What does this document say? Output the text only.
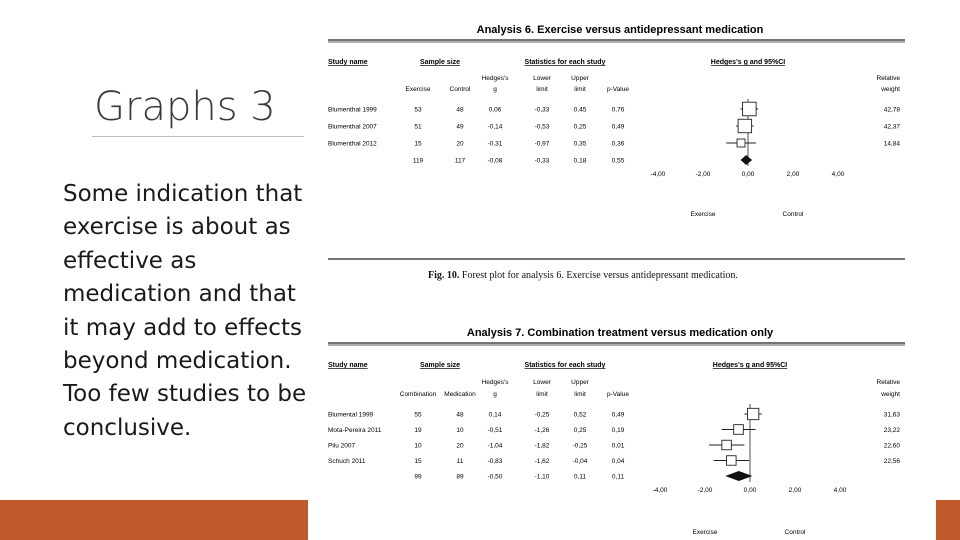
Graphs 3
Some indication that exercise is about as effective as medication and that it may add to effects beyond medication. Too few studies to be conclusive.
Analysis 6. Exercise versus antidepressant medication
Study name	Sample size	Statistics for each study	Hedges's g and 95%CI
Exercise	Control
Hedges's
g
Lower
limit
Upper
limit	p-Value
Relative
weight
Blumenthal 1999	53	48	0,06	-0,33	0,45	0,76	42,78
Blumenthal 2007	51	49	-0,14	-0,53	0,25	0,49	42,37
Blumenthal 2012	15	20	-0,31	-0,97	0,35	0,36	14,84
119	117	-0,08	-0,33	0,18	0,55
-4,00	-2,00	0,00	2,00	4,00
Exercise	Control
Fig. 10. Forest plot for analysis 6. Exercise versus antidepressant medication.
Analysis 7. Combination treatment versus medication only
Study name	Sample size	Statistics for each study	Hedges's g and 95%CI
Combination Medication
Hedges's
g
Lower
limit
Upper
limit	p-Value
Relative
weight
Blumental 1999	55	48	0,14	-0,25	0,52	0,49	31,63
Mota-Pereira 2011	19	10	-0,51	-1,26	0,25	0,19	23,22
Pilu 2007	10	20	-1,04	-1,82	-0,25	0,01	22,60
Schuch 2011	15	11	-0,83	-1,62	-0,04	0,04	22,56
99	89	-0,50	-1,10	0,11	0,11
-4,00	-2,00	0,00	2,00	4,00
Exercise	Control
